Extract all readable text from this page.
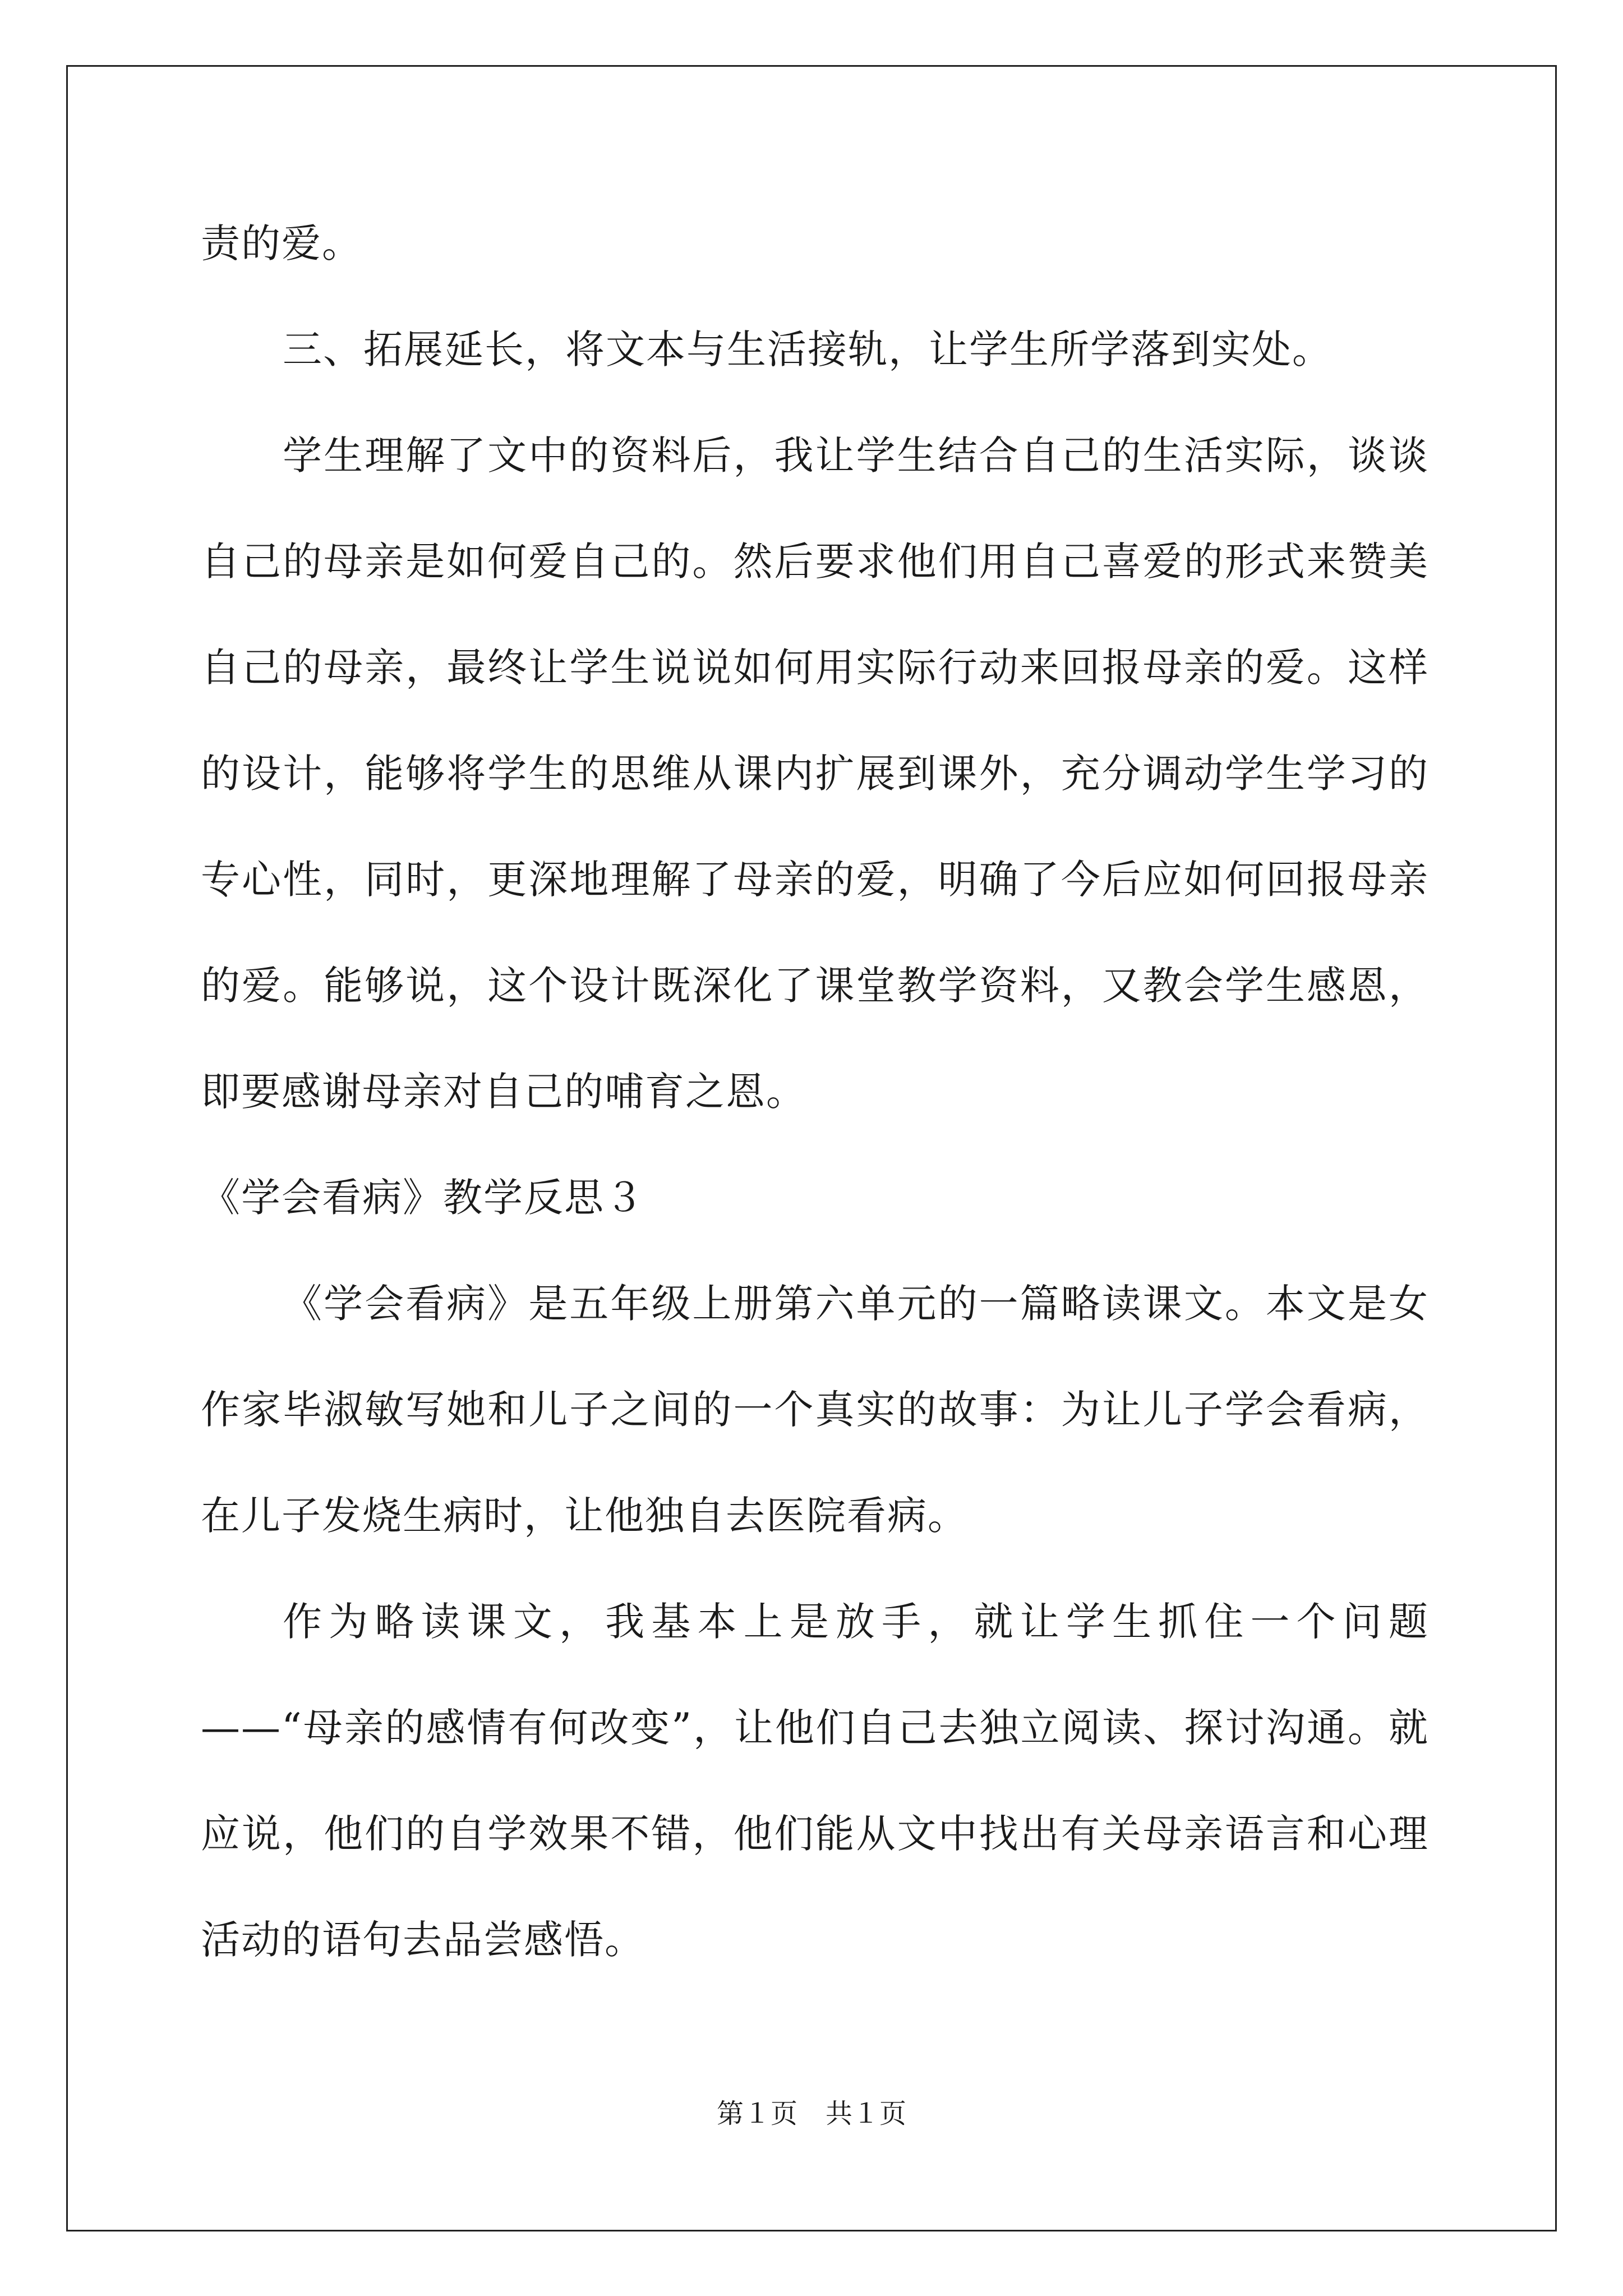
责的爱。

三、拓展延长，将文本与生活接轨，让学生所学落到实处。

学生理解了文中的资料后，我让学生结合自己的生活实际，谈谈自己的母亲是如何爱自己的。然后要求他们用自己喜爱的形式来赞美自己的母亲，最终让学生说说如何用实际行动来回报母亲的爱。这样的设计，能够将学生的思维从课内扩展到课外，充分调动学生学习的专心性，同时，更深地理解了母亲的爱，明确了今后应如何回报母亲的爱。能够说，这个设计既深化了课堂教学资料，又教会学生感恩，即要感谢母亲对自己的哺育之恩。

《学会看病》教学反思３

《学会看病》是五年级上册第六单元的一篇略读课文。本文是女作家毕淑敏写她和儿子之间的一个真实的故事：为让儿子学会看病，在儿子发烧生病时，让他独自去医院看病。

作为略读课文，我基本上是放手，就让学生抓住一个问题——“母亲的感情有何改变”，让他们自己去独立阅读、探讨沟通。就应说，他们的自学效果不错，他们能从文中找出有关母亲语言和心理活动的语句去品尝感悟。

第１页 共１页
